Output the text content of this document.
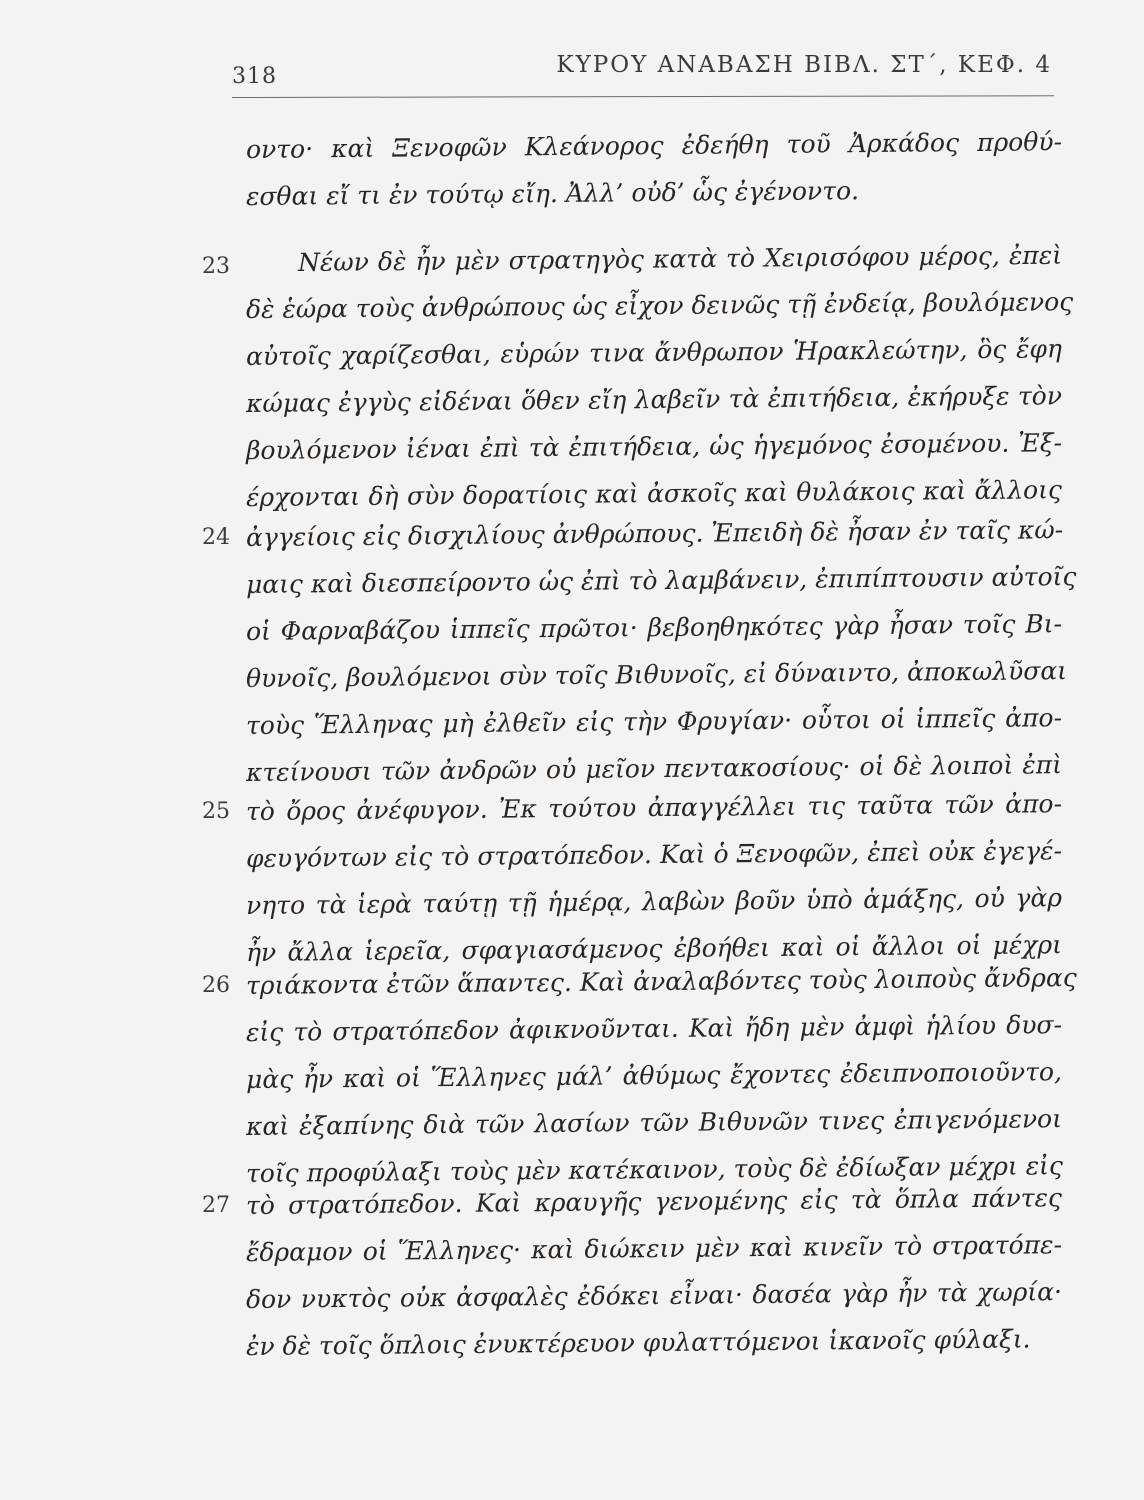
318	ΚΥΡΟΥ ΑΝΑΒΑΣΗ ΒΙΒΛ. ΣΤ΄, ΚΕΦ. 4
οντο· καὶ Ξενοφῶν Κλεάνορος ἐδεήθη τοῦ Ἀρκάδος προθύ-
εσθαι εἴ τι ἐν τούτῳ εἴη. Ἀλλ’ οὐδ’ ὧς ἐγένοντο.
23	Νέων δὲ ἦν μὲν στρατηγὸς κατὰ τὸ Χειρισόφου μέρος, ἐπεὶ
δὲ ἑώρα τοὺς ἀνθρώπους ὡς εἶχον δεινῶς τῇ ἐνδείᾳ, βουλόμενος
αὐτοῖς χαρίζεσθαι, εὑρών τινα ἄνθρωπον Ἡρακλεώτην, ὃς ἔφη
κώμας ἐγγὺς εἰδέναι ὅθεν εἴη λαβεῖν τὰ ἐπιτήδεια, ἐκήρυξε τὸν
βουλόμενον ἰέναι ἐπὶ τὰ ἐπιτήδεια, ὡς ἡγεμόνος ἐσομένου. Ἐξ-
έρχονται δὴ σὺν δορατίοις καὶ ἀσκοῖς καὶ θυλάκοις καὶ ἄλλοις
24 ἀγγείοις εἰς δισχιλίους ἀνθρώπους. Ἐπειδὴ δὲ ἦσαν ἐν ταῖς κώ-
μαις καὶ διεσπείροντο ὡς ἐπὶ τὸ λαμβάνειν, ἐπιπίπτουσιν αὐτοῖς
οἱ Φαρναβάζου ἱππεῖς πρῶτοι· βεβοηθηκότες γὰρ ἦσαν τοῖς Βι-
θυνοῖς, βουλόμενοι σὺν τοῖς Βιθυνοῖς, εἰ δύναιντο, ἀποκωλῦσαι
τοὺς Ἕλληνας μὴ ἐλθεῖν εἰς τὴν Φρυγίαν· οὗτοι οἱ ἱππεῖς ἀπο-
κτείνουσι τῶν ἀνδρῶν οὐ μεῖον πεντακοσίους· οἱ δὲ λοιποὶ ἐπὶ
25 τὸ ὄρος ἀνέφυγον. Ἐκ τούτου ἀπαγγέλλει τις ταῦτα τῶν ἀπο-
φευγόντων εἰς τὸ στρατόπεδον. Καὶ ὁ Ξενοφῶν, ἐπεὶ οὐκ ἐγεγέ-
νητο τὰ ἱερὰ ταύτῃ τῇ ἡμέρᾳ, λαβὼν βοῦν ὑπὸ ἁμάξης, οὐ γὰρ
ἦν ἄλλα ἱερεῖα, σφαγιασάμενος ἐβοήθει καὶ οἱ ἄλλοι οἱ μέχρι
26 τριάκοντα ἐτῶν ἅπαντες. Καὶ ἀναλαβόντες τοὺς λοιποὺς ἄνδρας
εἰς τὸ στρατόπεδον ἀφικνοῦνται. Καὶ ἤδη μὲν ἀμφὶ ἡλίου δυσ-
μὰς ἦν καὶ οἱ Ἕλληνες μάλ’ ἀθύμως ἔχοντες ἐδειπνοποιοῦντο,
καὶ ἐξαπίνης διὰ τῶν λασίων τῶν Βιθυνῶν τινες ἐπιγενόμενοι
τοῖς προφύλαξι τοὺς μὲν κατέκαινον, τοὺς δὲ ἐδίωξαν μέχρι εἰς
27 τὸ στρατόπεδον. Καὶ κραυγῆς γενομένης εἰς τὰ ὅπλα πάντες
ἔδραμον οἱ Ἕλληνες· καὶ διώκειν μὲν καὶ κινεῖν τὸ στρατόπε-
δον νυκτὸς οὐκ ἀσφαλὲς ἐδόκει εἶναι· δασέα γὰρ ἦν τὰ χωρία·
ἐν δὲ τοῖς ὅπλοις ἐνυκτέρευον φυλαττόμενοι ἱκανοῖς φύλαξι.
